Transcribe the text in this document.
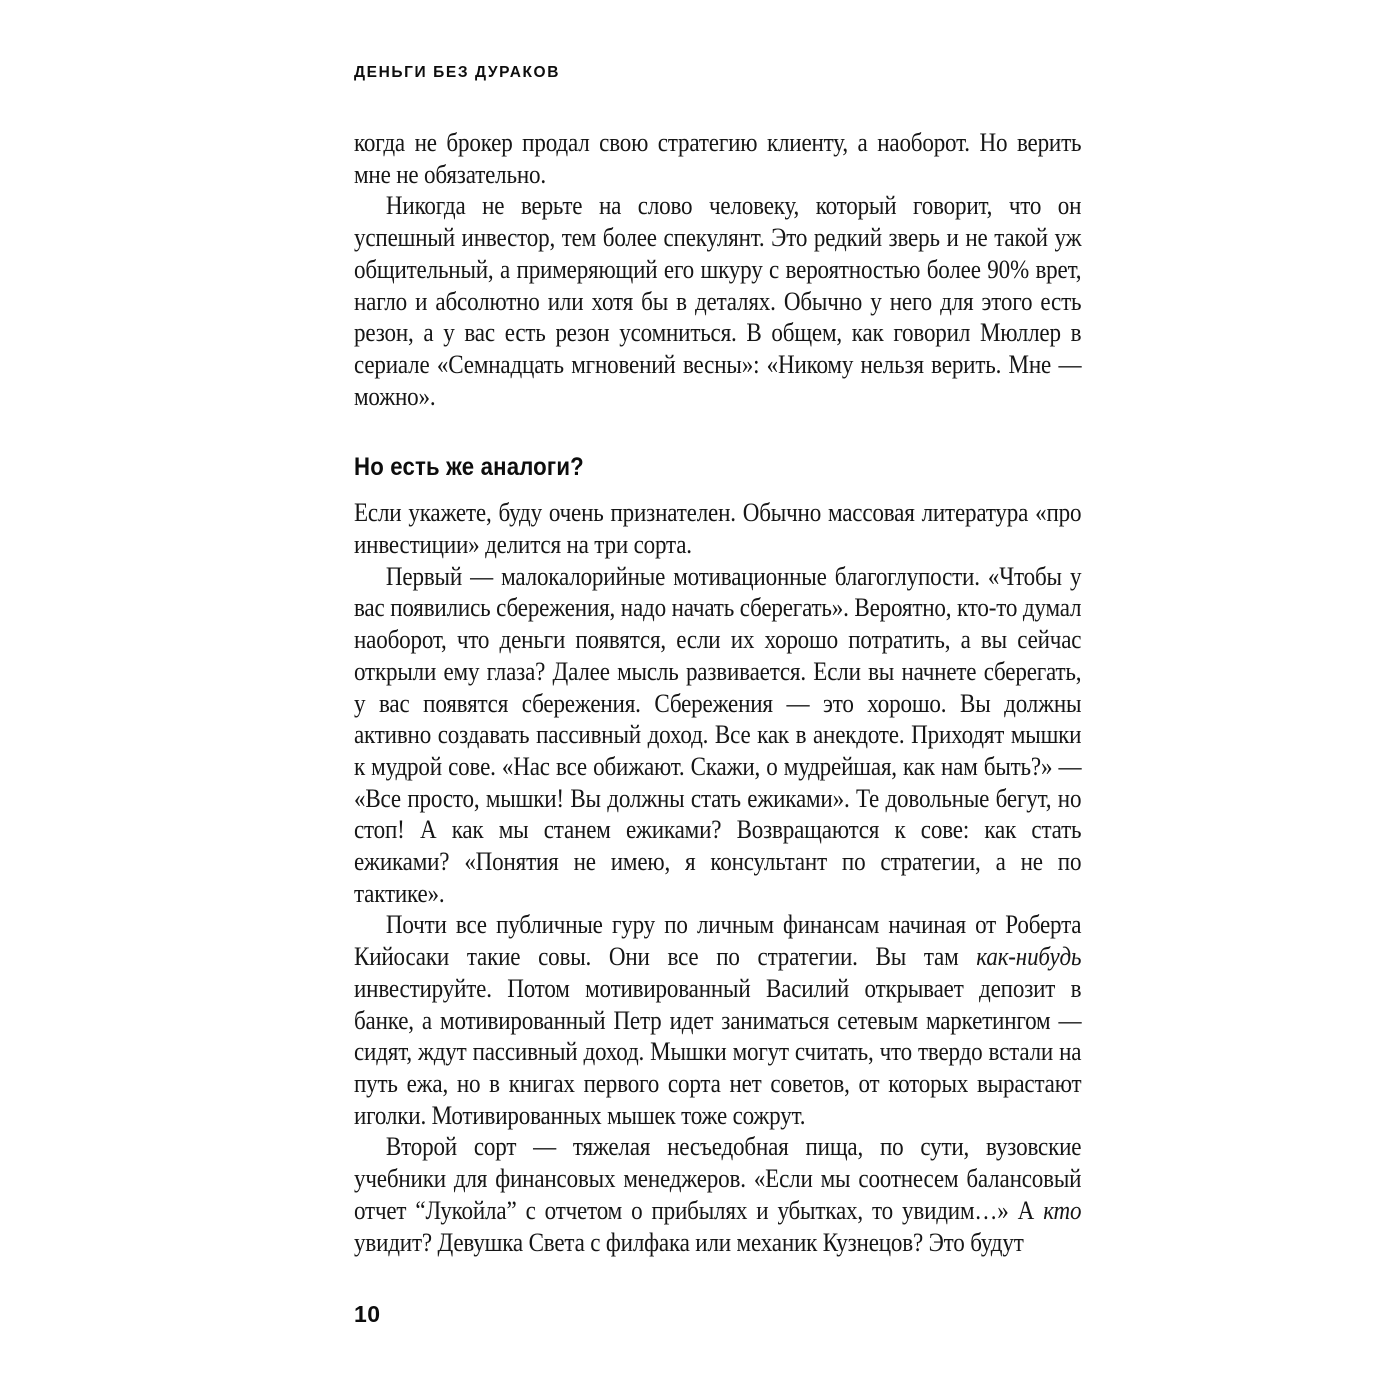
ДЕНЬГИ БЕЗ ДУРАКОВ

когда не брокер продал свою стратегию клиенту, а наоборот. Но верить мне не обязательно.

Никогда не верьте на слово человеку, который говорит, что он успешный инвестор, тем более спекулянт. Это редкий зверь и не такой уж общительный, а примеряющий его шкуру с вероятностью более 90% врет, нагло и абсолютно или хотя бы в деталях. Обычно у него для этого есть резон, а у вас есть резон усомниться. В общем, как говорил Мюллер в сериале «Семнадцать мгновений весны»: «Никому нельзя верить. Мне — можно».

Но есть же аналоги?

Если укажете, буду очень признателен. Обычно массовая литература «про инвестиции» делится на три сорта.

Первый — малокалорийные мотивационные благоглупости. «Чтобы у вас появились сбережения, надо начать сберегать». Вероятно, кто-то думал наоборот, что деньги появятся, если их хорошо потратить, а вы сейчас открыли ему глаза? Далее мысль развивается. Если вы начнете сберегать, у вас появятся сбережения. Сбережения — это хорошо. Вы должны активно создавать пассивный доход. Все как в анекдоте. Приходят мышки к мудрой сове. «Нас все обижают. Скажи, о мудрейшая, как нам быть?» — «Все просто, мышки! Вы должны стать ежиками». Те довольные бегут, но стоп! А как мы станем ежиками? Возвращаются к сове: как стать ежиками? «Понятия не имею, я консультант по стратегии, а не по тактике».

Почти все публичные гуру по личным финансам начиная от Роберта Кийосаки такие совы. Они все по стратегии. Вы там как-нибудь инвестируйте. Потом мотивированный Василий открывает депозит в банке, а мотивированный Петр идет заниматься сетевым маркетингом — сидят, ждут пассивный доход. Мышки могут считать, что твердо встали на путь ежа, но в книгах первого сорта нет советов, от которых вырастают иголки. Мотивированных мышек тоже сожрут.

Второй сорт — тяжелая несъедобная пища, по сути, вузовские учебники для финансовых менеджеров. «Если мы соотнесем балансовый отчет “Лукойла” с отчетом о прибылях и убытках, то увидим…» А кто увидит? Девушка Света с филфака или механик Кузнецов? Это будут

10
